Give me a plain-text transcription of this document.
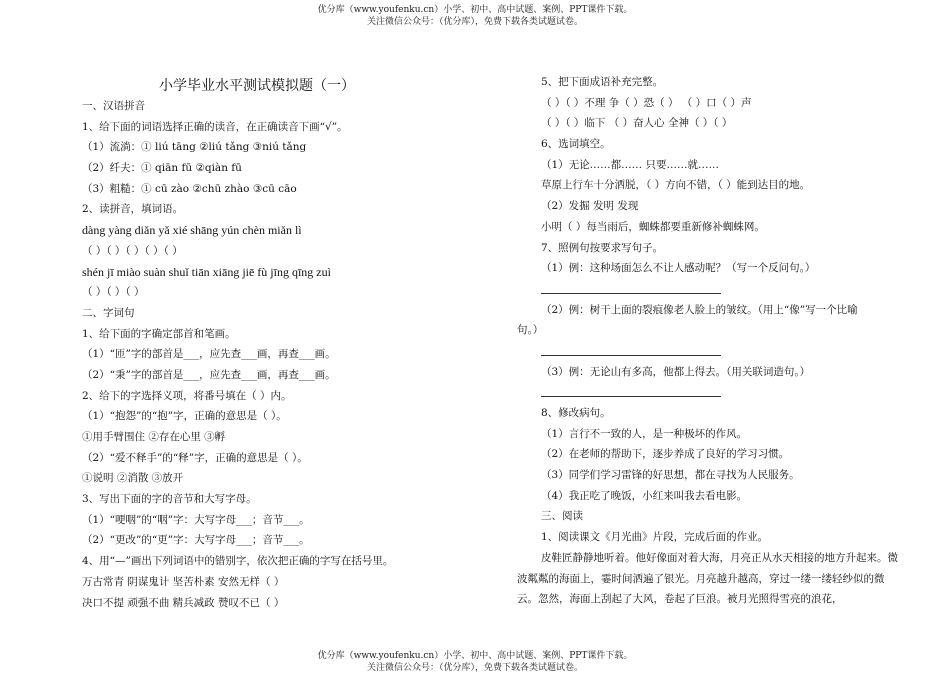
优分库（www.youfenku.cn）小学、初中、高中试题、案例、PPT课件下载。
关注微信公众号：（优分库），免费下载各类试题试卷。
小学毕业水平测试模拟题（一）
一、汉语拼音
1、给下面的词语选择正确的读音，在正确读音下画“√”。
（1）流淌：① liú tāng ②liú tǎng ③niú tǎng
（2）纤夫：① qiān fū ②qiàn fū
（3）粗糙：① cū zào ②chū zhào ③cū cāo
2、读拼音，填词语。
dàng yàng diǎn yǎ xié shāng yún chèn miǎn lì
（ ）（ ）（ ）（ ）（ ）
shén jī miào suàn shuǐ tiān xiāng jiē fù jīng qīng zuì
（ ）（ ）（ ）
二、字词句
1、给下面的字确定部首和笔画。
（1）“匝”字的部首是___，应先查___画，再查___画。
（2）“秉”字的部首是___，应先查___画，再查___画。
2、给下的字选择义项，将番号填在（ ）内。
（1）“抱怨”的“抱”字，正确的意思是（ ）。
①用手臂围住 ②存在心里 ③孵
（2）“爱不释手”的“释”字，正确的意思是（ ）。
①说明 ②消散 ③放开
3、写出下面的字的音节和大写字母。
（1）“哽咽”的“咽”字：大写字母___；音节___。
（2）“更改”的“更”字：大写字母___；音节___。
4、用“—”画出下列词语中的错别字，依次把正确的字写在括号里。
万古常青 阴谋鬼计 坚苦朴素 安然无样（ ）
决口不提 顽强不曲 精兵减政 赞叹不已（ ）
5、把下面成语补充完整。
（ ）（ ）不理 争（ ）恐（ ） （ ）口（ ）声
（ ）（ ）临下 （ ）奋人心 全神（ ）（ ）
6、选词填空。
（1）无论……都…… 只要……就……
草原上行车十分洒脱，（ ）方向不错，（ ）能到达目的地。
（2）发掘 发明 发现
小明（ ）每当雨后，蜘蛛都要重新修补蜘蛛网。
7、照例句按要求写句子。
（1）例：这种场面怎么不让人感动呢？（写一个反问句。）
（2）例：树干上面的裂痕像老人脸上的皱纹。（用上“像”写一个比喻
句。）
（3）例：无论山有多高，他都上得去。（用关联词造句。）
8、修改病句。
（1）言行不一致的人，是一种极坏的作风。
（2）在老师的帮助下，逐步养成了良好的学习习惯。
（3）同学们学习雷锋的好思想，都在寻找为人民服务。
（4）我正吃了晚饭，小红来叫我去看电影。
三、阅读
1、阅读课文《月光曲》片段，完成后面的作业。
皮鞋匠静静地听着。他好像面对着大海，月亮正从水天相接的地方升起来。微波粼粼的海面上，霎时间洒遍了银光。月亮越升越高，穿过一缕一缕轻纱似的微云。忽然，海面上刮起了大风，卷起了巨浪。被月光照得雪亮的浪花，
优分库（www.youfenku.cn）小学、初中、高中试题、案例、PPT课件下载。
关注微信公众号：（优分库），免费下载各类试题试卷。
